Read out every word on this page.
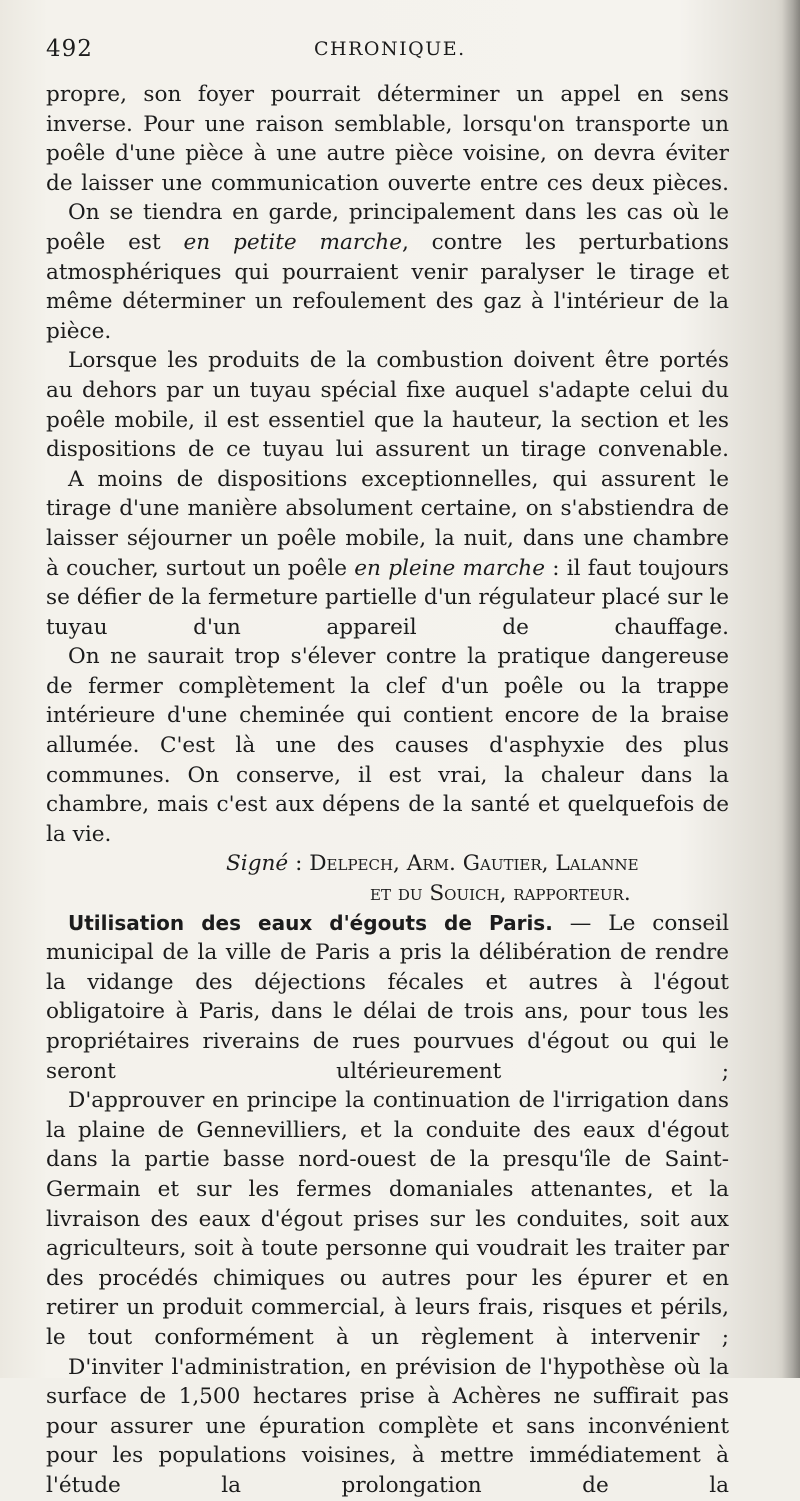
492	CHRONIQUE.

propre, son foyer pourrait déterminer un appel en sens inverse. Pour une raison semblable, lorsqu'on transporte un poêle d'une pièce à une autre pièce voisine, on devra éviter de laisser une communication ouverte entre ces deux pièces.

On se tiendra en garde, principalement dans les cas où le poêle est en petite marche, contre les perturbations atmosphériques qui pourraient venir paralyser le tirage et même déterminer un refoulement des gaz à l'intérieur de la pièce.

Lorsque les produits de la combustion doivent être portés au dehors par un tuyau spécial fixe auquel s'adapte celui du poêle mobile, il est essentiel que la hauteur, la section et les dispositions de ce tuyau lui assurent un tirage convenable.

A moins de dispositions exceptionnelles, qui assurent le tirage d'une manière absolument certaine, on s'abstiendra de laisser séjourner un poêle mobile, la nuit, dans une chambre à coucher, surtout un poêle en pleine marche : il faut toujours se défier de la fermeture partielle d'un régulateur placé sur le tuyau d'un appareil de chauffage.

On ne saurait trop s'élever contre la pratique dangereuse de fermer complètement la clef d'un poêle ou la trappe intérieure d'une cheminée qui contient encore de la braise allumée. C'est là une des causes d'asphyxie des plus communes. On conserve, il est vrai, la chaleur dans la chambre, mais c'est aux dépens de la santé et quelquefois de la vie.

Signé : Delpech, Arm. Gautier, Lalanne

et du Souich, rapporteur.

Utilisation des eaux d'égouts de Paris. — Le conseil municipal de la ville de Paris a pris la délibération de rendre la vidange des déjections fécales et autres à l'égout obligatoire à Paris, dans le délai de trois ans, pour tous les propriétaires riverains de rues pourvues d'égout ou qui le seront ultérieurement ;

D'approuver en principe la continuation de l'irrigation dans la plaine de Gennevilliers, et la conduite des eaux d'égout dans la partie basse nord-ouest de la presqu'île de Saint-Germain et sur les fermes domaniales attenantes, et la livraison des eaux d'égout prises sur les conduites, soit aux agriculteurs, soit à toute personne qui voudrait les traiter par des procédés chimiques ou autres pour les épurer et en retirer un produit commercial, à leurs frais, risques et périls, le tout conformément à un règlement à intervenir ;

D'inviter l'administration, en prévision de l'hypothèse où la surface de 1,500 hectares prise à Achères ne suffirait pas pour assurer une épuration complète et sans inconvénient pour les populations voisines, à mettre immédiatement à l'étude la prolongation de la
